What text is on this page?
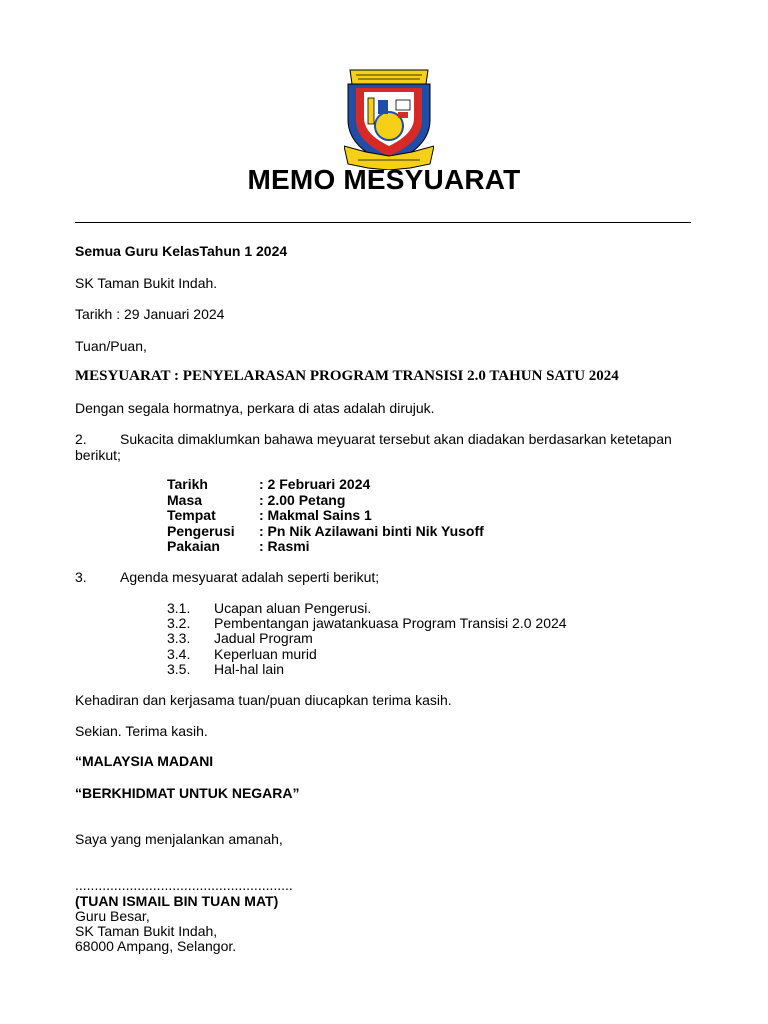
MEMO MESYUARAT
Semua Guru KelasTahun 1 2024
SK Taman Bukit Indah.
Tarikh : 29 Januari 2024
Tuan/Puan,
MESYUARAT : PENYELARASAN PROGRAM TRANSISI 2.0 TAHUN SATU 2024
Dengan segala hormatnya, perkara di atas adalah dirujuk.
2. Sukacita dimaklumkan bahawa meyuarat tersebut akan diadakan berdasarkan ketetapan
berikut;
Tarikh	: 2 Februari 2024
Masa	: 2.00 Petang
Tempat	: Makmal Sains 1
Pengerusi : Pn Nik Azilawani binti Nik Yusoff
Pakaian	: Rasmi
3. Agenda mesyuarat adalah seperti berikut;
3.1. Ucapan aluan Pengerusi.
3.2. Pembentangan jawatankuasa Program Transisi 2.0 2024
3.3. Jadual Program
3.4. Keperluan murid
3.5. Hal-hal lain
Kehadiran dan kerjasama tuan/puan diucapkan terima kasih.
Sekian. Terima kasih.
“MALAYSIA MADANI
“BERKHIDMAT UNTUK NEGARA”
Saya yang menjalankan amanah,
........................................................
(TUAN ISMAIL BIN TUAN MAT)
Guru Besar,
SK Taman Bukit Indah,
68000 Ampang, Selangor.
